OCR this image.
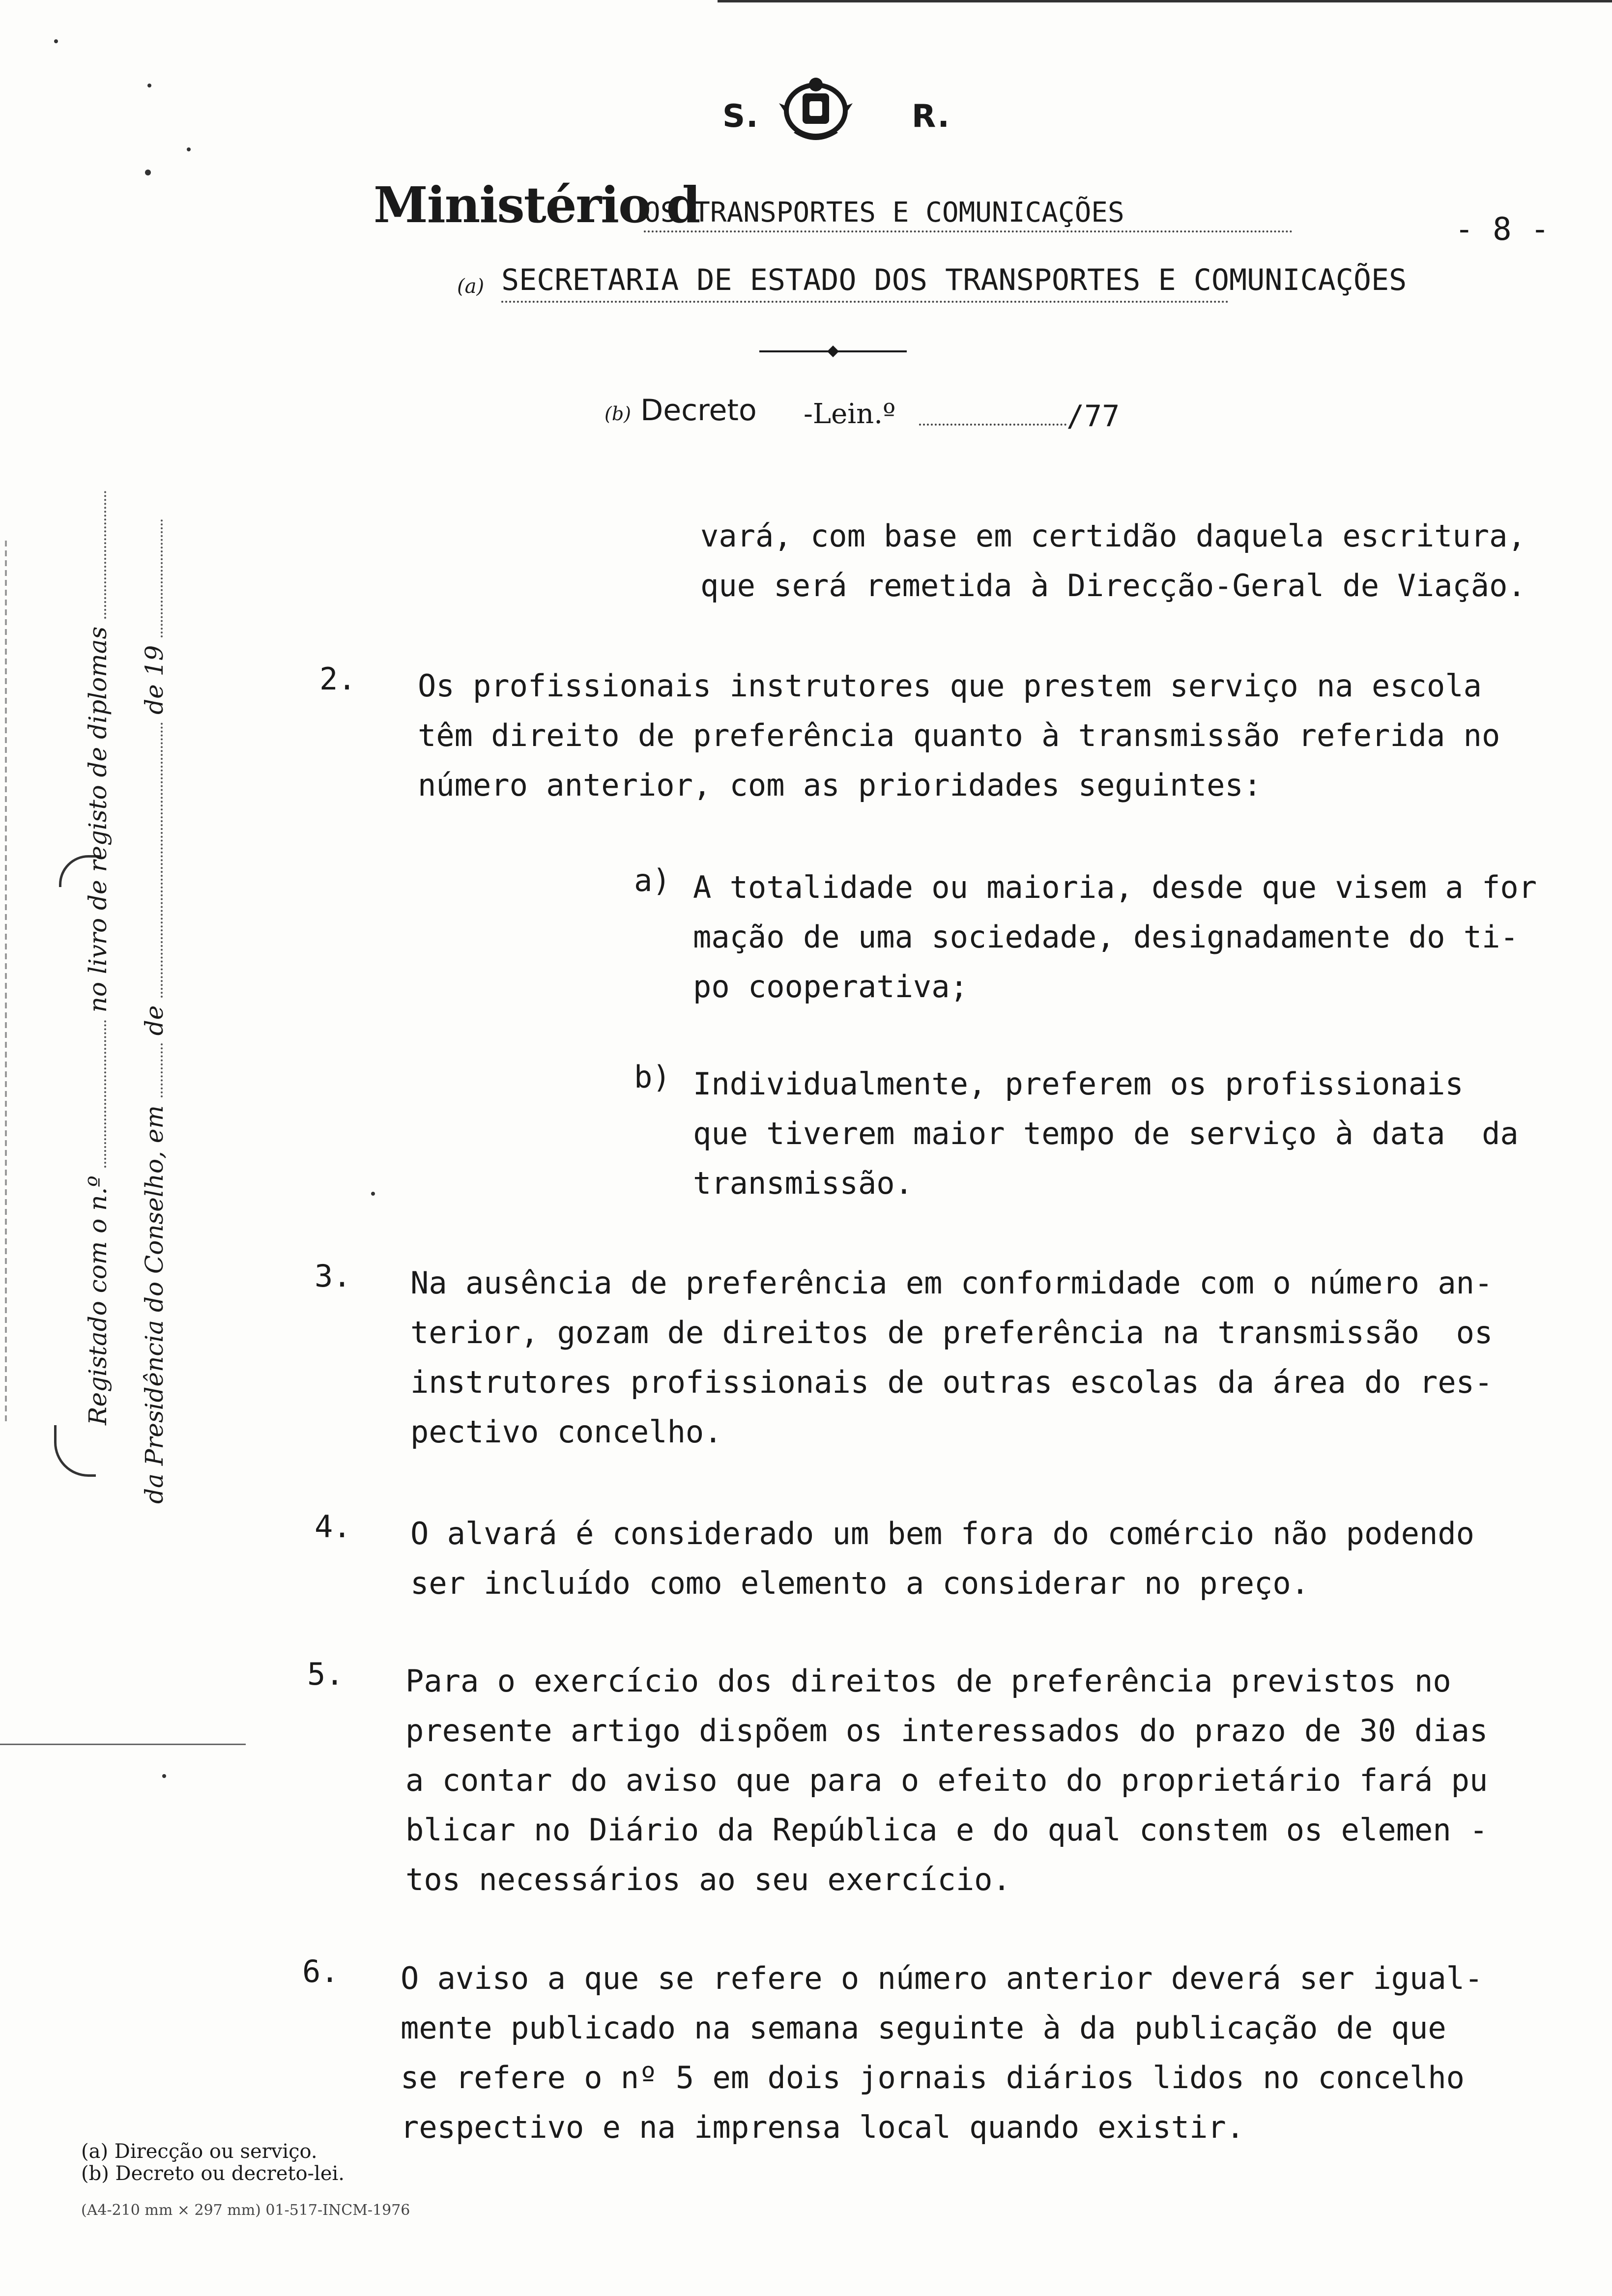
S.	R.
Ministério d
OS TRANSPORTES E COMUNICAÇÕES	- 8 -
(a) SECRETARIA DE ESTADO DOS TRANSPORTES E COMUNICAÇÕES
(b) Decreto -Lein.º	/77
Registado com o n.º  no livro de registo de diplomas
da Presidência do Conselho, em  de  de 19
vará, com base em certidão daquela escritura,
que será remetida à Direcção-Geral de Viação.
2. Os profissionais instrutores que prestem serviço na escola
têm direito de preferência quanto à transmissão referida no
número anterior, com as prioridades seguintes:
a) A totalidade ou maioria, desde que visem a for
mação de uma sociedade, designadamente do ti-
po cooperativa;
b) Individualmente, preferem os profissionais
que tiverem maior tempo de serviço à data  da
transmissão.
3. Na ausência de preferência em conformidade com o número an-
terior, gozam de direitos de preferência na transmissão  os
instrutores profissionais de outras escolas da área do res-
pectivo concelho.
4. O alvará é considerado um bem fora do comércio não podendo
ser incluído como elemento a considerar no preço.
5. Para o exercício dos direitos de preferência previstos no
presente artigo dispõem os interessados do prazo de 30 dias
a contar do aviso que para o efeito do proprietário fará pu
blicar no Diário da República e do qual constem os elemen -
tos necessários ao seu exercício.
6. O aviso a que se refere o número anterior deverá ser igual-
mente publicado na semana seguinte à da publicação de que
se refere o nº 5 em dois jornais diários lidos no concelho
respectivo e na imprensa local quando existir.
(a) Direcção ou serviço.
(b) Decreto ou decreto-lei.
(A4-210 mm × 297 mm) 01-517-INCM-1976
